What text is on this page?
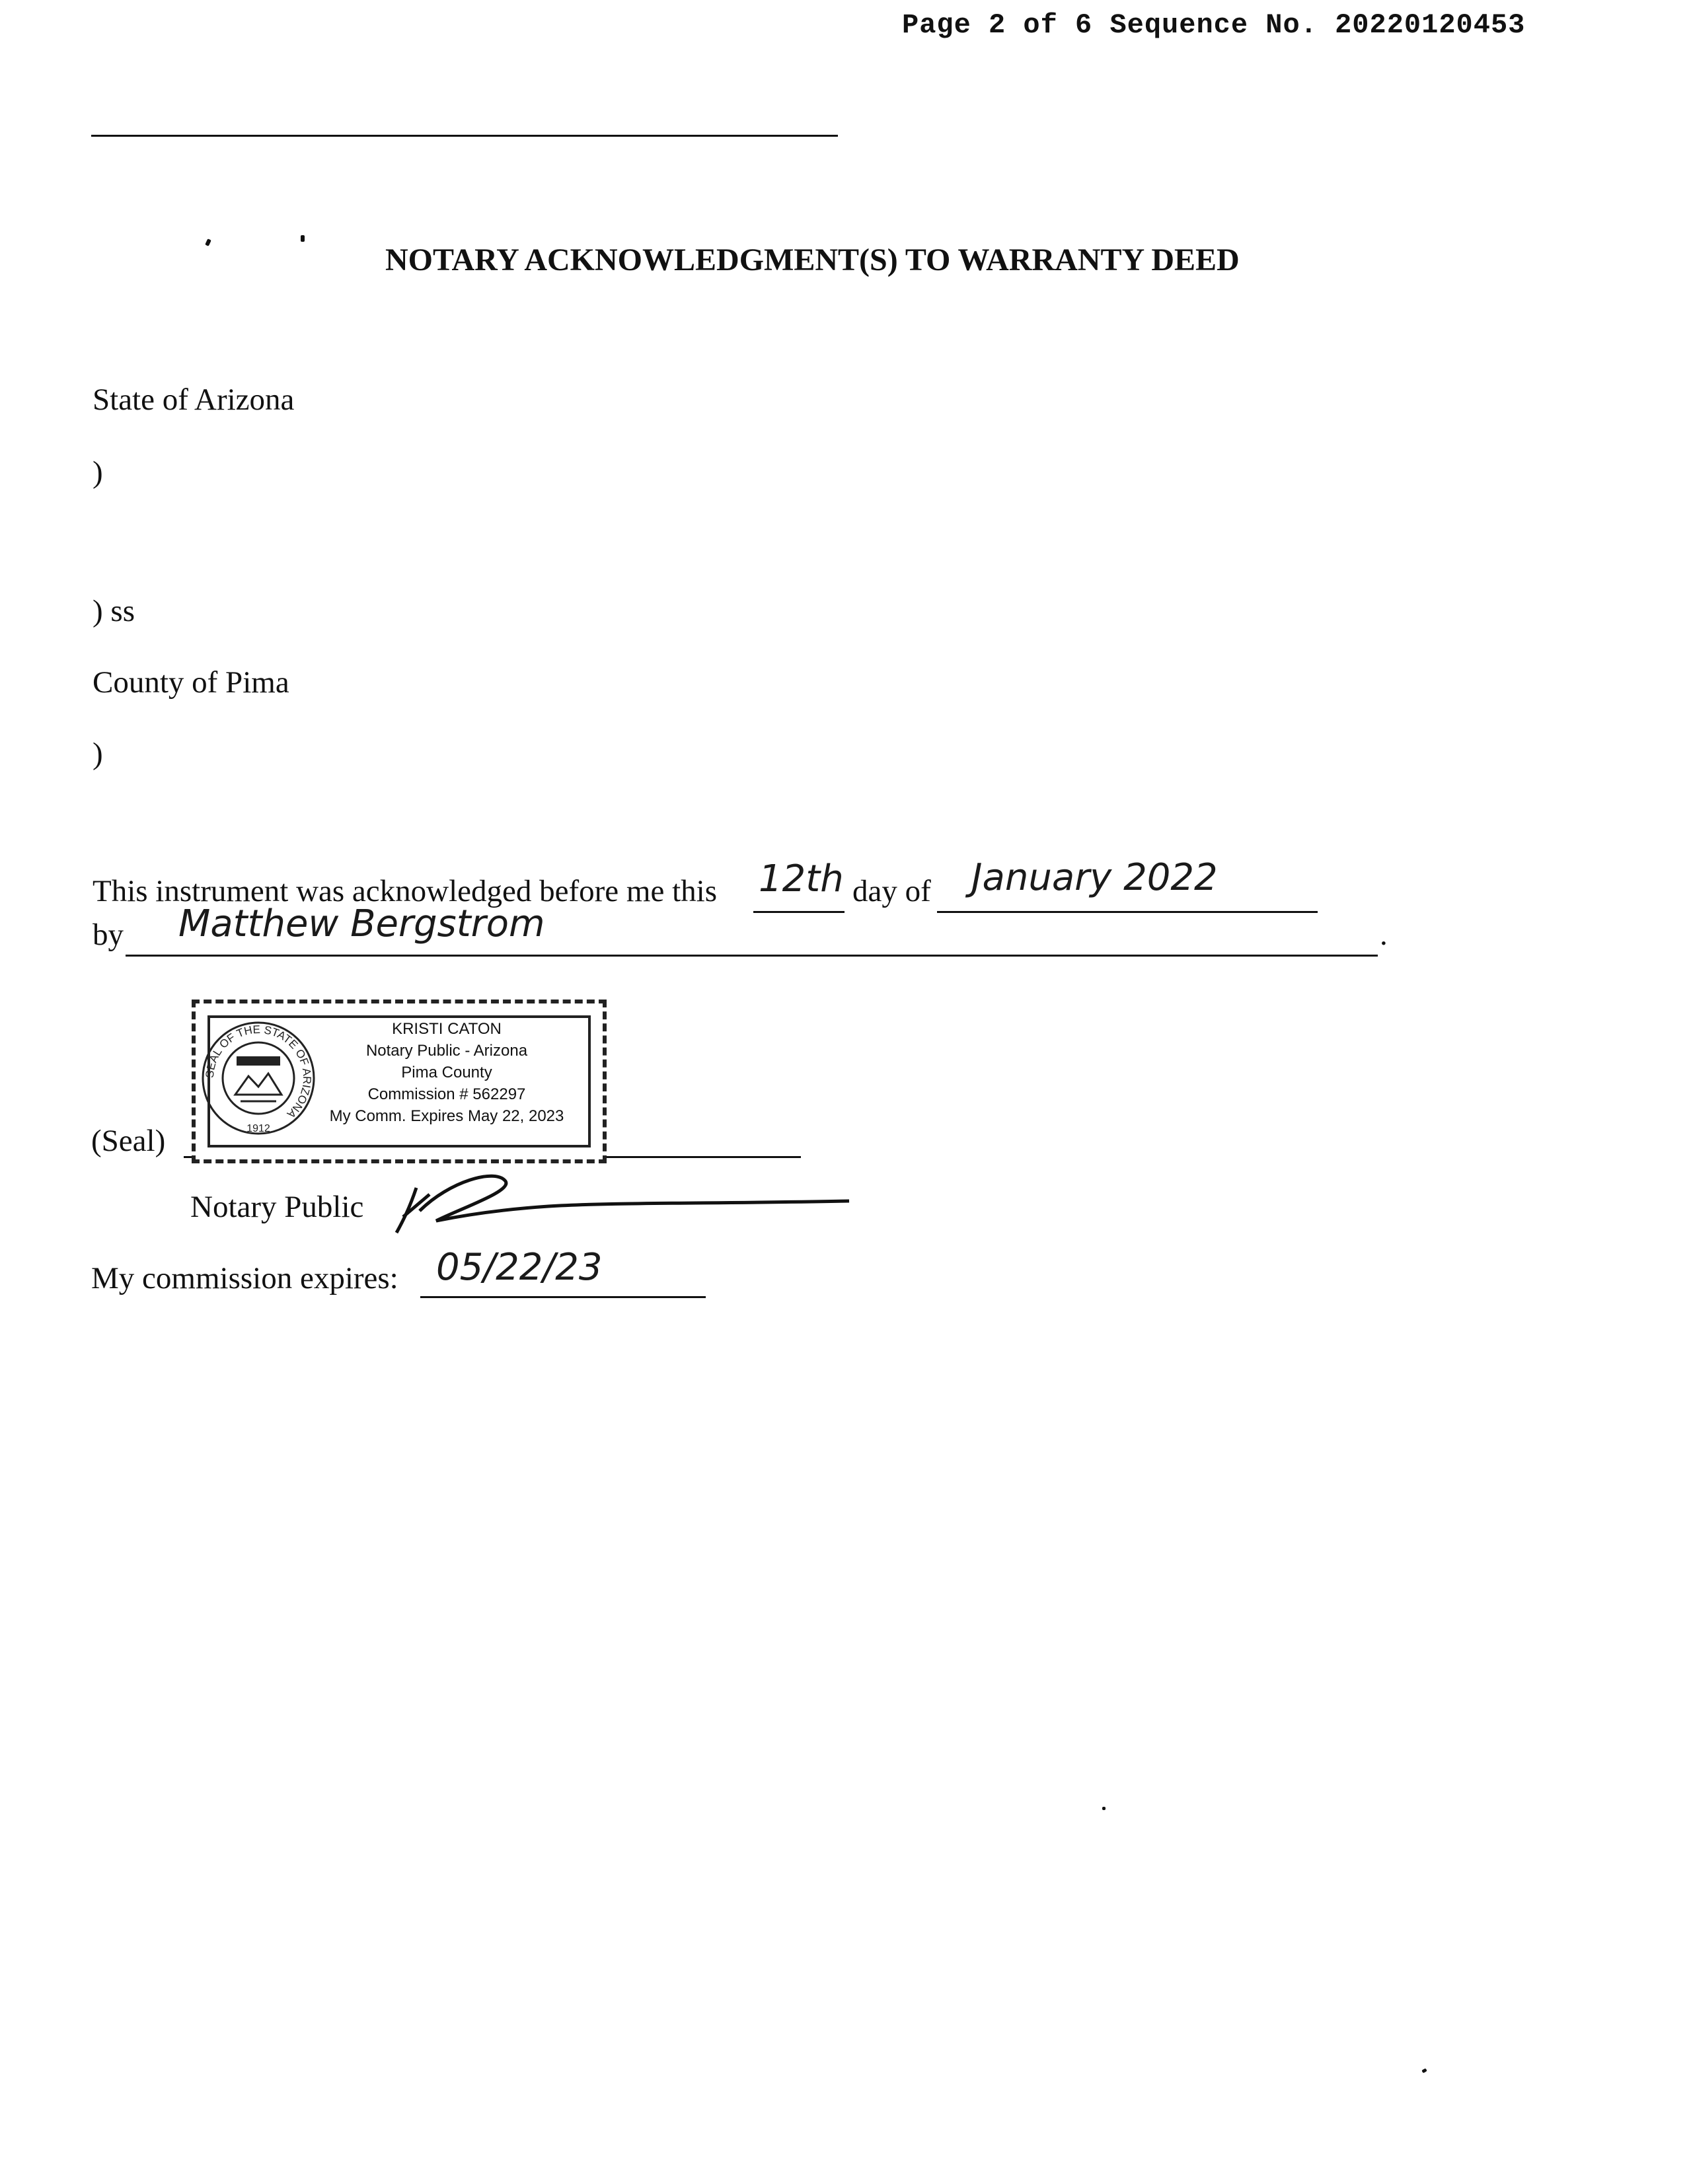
Page 2 of 6 Sequence No. 20220120453
NOTARY ACKNOWLEDGMENT(S) TO WARRANTY DEED
State of Arizona
)
) ss
County of Pima
)
This instrument was acknowledged before me this 12th day of January 2022
by Matthew Bergstrom	.
(Seal)
SEAL OF THE STATE OF ARIZONA
1912
KRISTI CATON
Notary Public - Arizona
Pima County
Commission # 562297
My Comm. Expires May 22, 2023
Notary Public
My commission expires: 05/22/23
